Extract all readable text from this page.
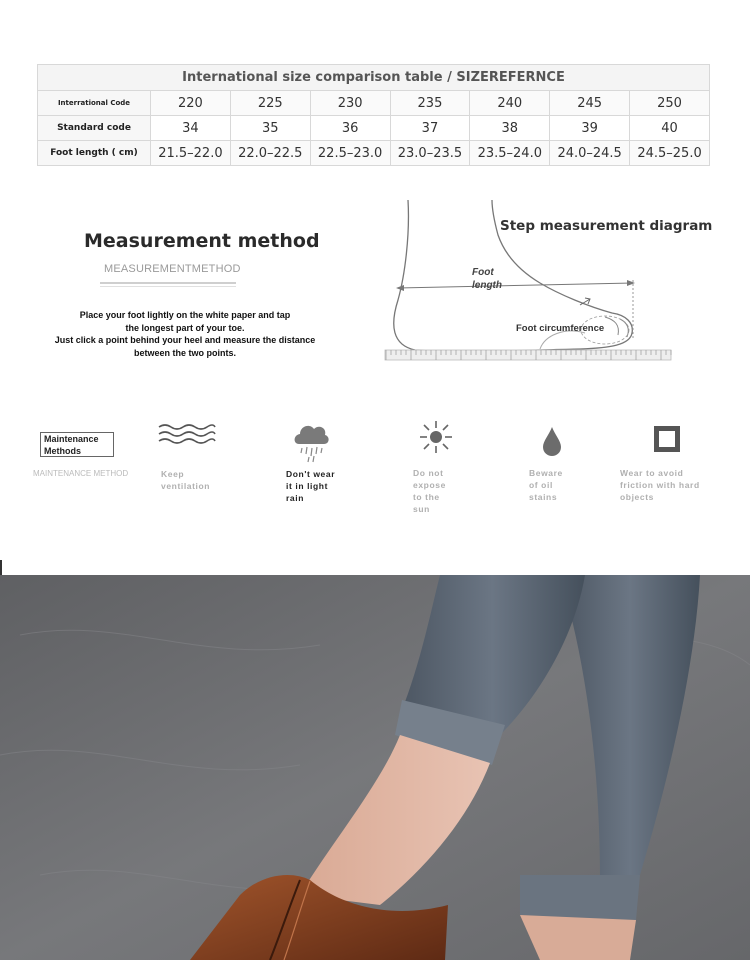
International size comparison table / SIZEREFERNCE							
Interrational Code	220	225	230	235	240	245	250
Standard code	34	35	36	37	38	39	40
Foot length ( cm)	21.5–22.0	22.0–22.5	22.5–23.0	23.0–23.5	23.5–24.0	24.0–24.5	24.5–25.0
Measurement method
MEASUREMENTMETHOD
Place your foot lightly on the white paper and tap
the longest part of your toe.
Just click a point behind your heel and measure the distance
between the two points.
Step measurement diagram
Foot
length
Foot circumference
Maintenance
Methods
MAINTENANCE METHOD	Keep
ventilation
Don't wear
it in light
rain
Do not
expose
to the
sun
Beware
of oil
stains
Wear to avoid
friction with hard
objects
